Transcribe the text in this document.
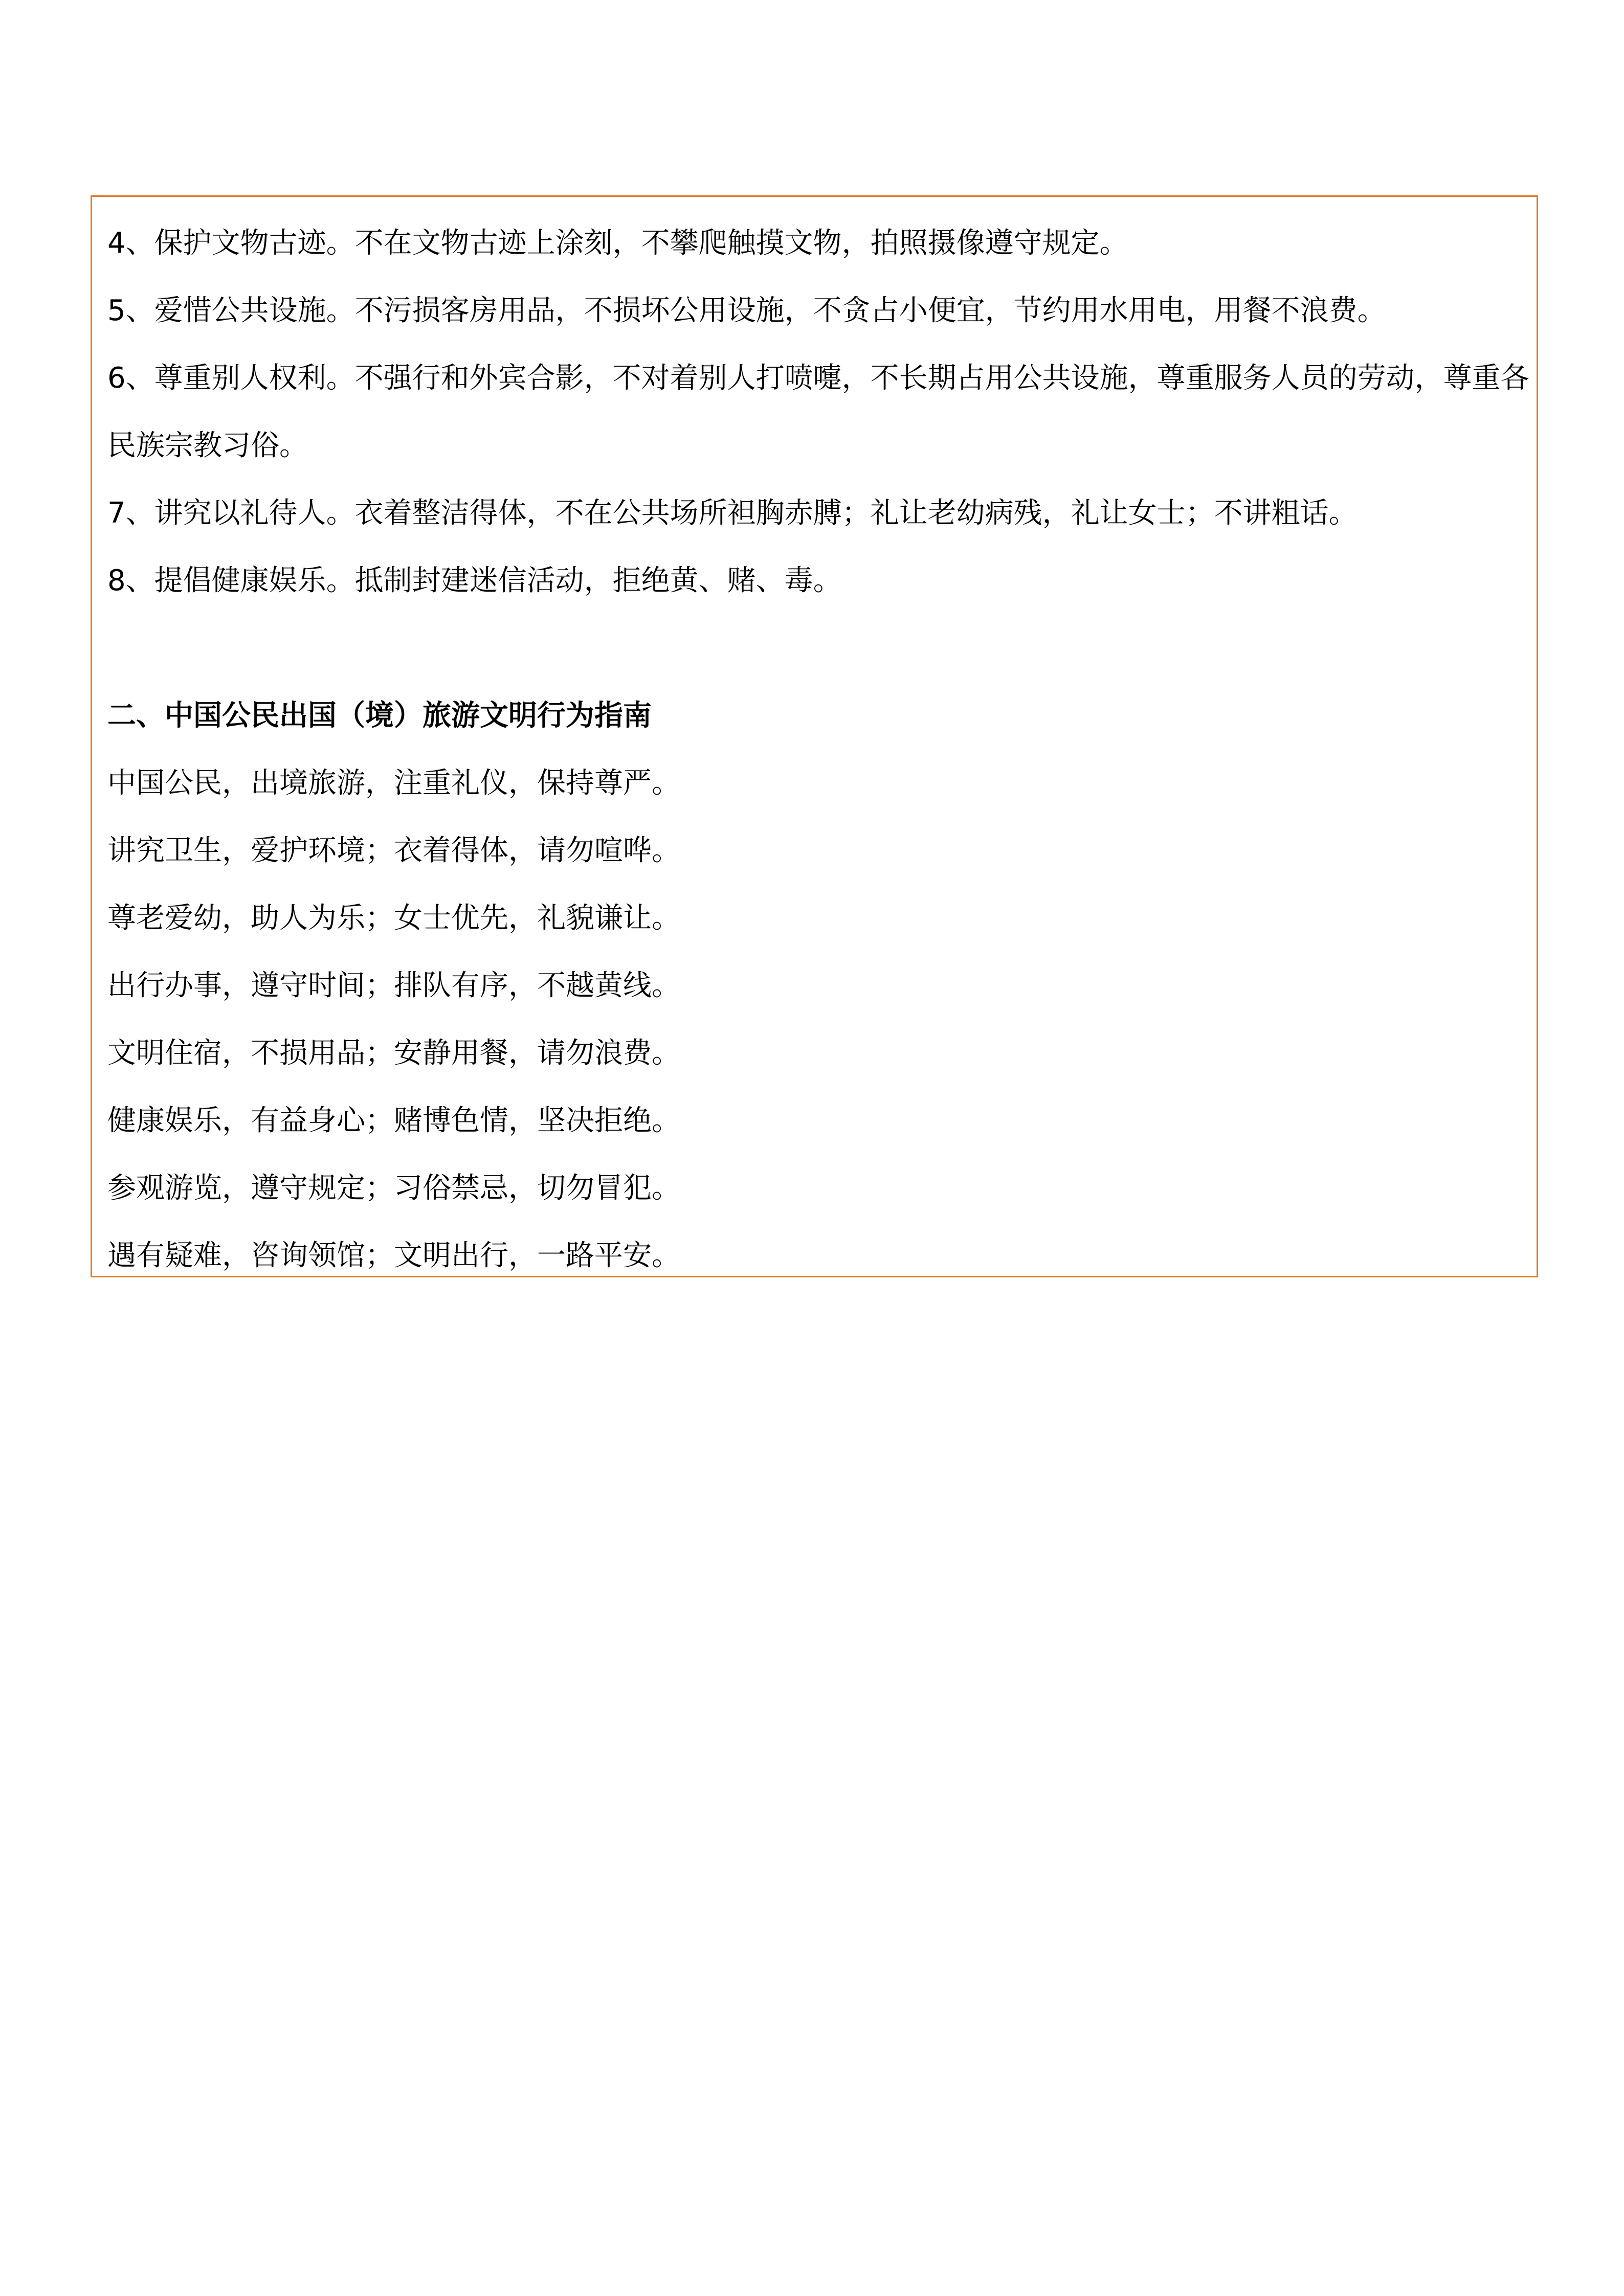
4、保护文物古迹。不在文物古迹上涂刻，不攀爬触摸文物，拍照摄像遵守规定。

5、爱惜公共设施。不污损客房用品，不损坏公用设施，不贪占小便宜，节约用水用电，用餐不浪费。

6、尊重别人权利。不强行和外宾合影，不对着别人打喷嚏，不长期占用公共设施，尊重服务人员的劳动，尊重各

民族宗教习俗。

7、讲究以礼待人。衣着整洁得体，不在公共场所袒胸赤膊；礼让老幼病残，礼让女士；不讲粗话。

8、提倡健康娱乐。抵制封建迷信活动，拒绝黄、赌、毒。

二、中国公民出国（境）旅游文明行为指南

中国公民，出境旅游，注重礼仪，保持尊严。

讲究卫生，爱护环境；衣着得体，请勿喧哗。

尊老爱幼，助人为乐；女士优先，礼貌谦让。

出行办事，遵守时间；排队有序，不越黄线。

文明住宿，不损用品；安静用餐，请勿浪费。

健康娱乐，有益身心；赌博色情，坚决拒绝。

参观游览，遵守规定；习俗禁忌，切勿冒犯。

遇有疑难，咨询领馆；文明出行，一路平安。
